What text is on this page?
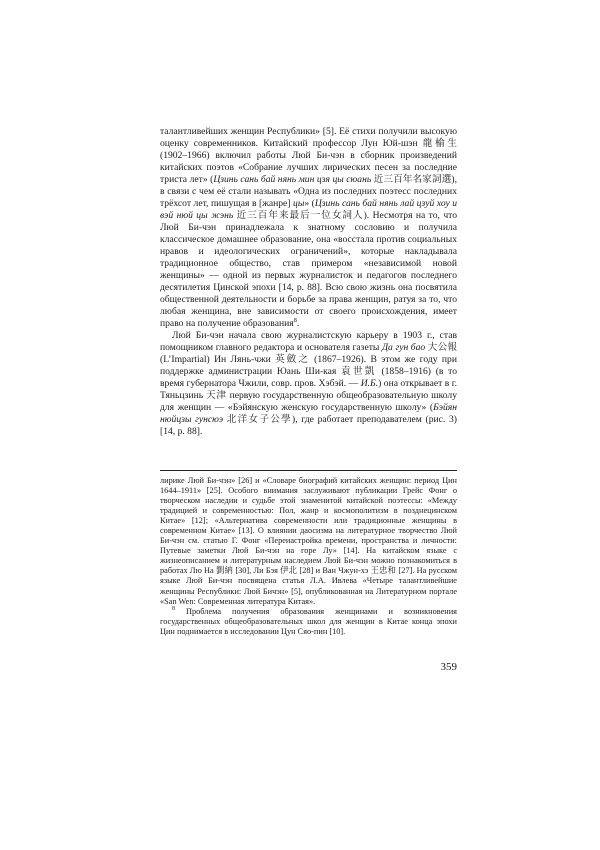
талантливейших женщин Республики» [5]. Её стихи получили высокую оценку современников. Китайский профессор Лун Юй-шэн 龍榆生 (1902–1966) включил работы Люй Би-чэн в сборник произведений китайских поэтов «Собрание лучших лирических песен за последние триста лет» (Цзинь сань бай нянь мин цзя цы сюань 近三百年名家詞選), в связи с чем её стали называть «Одна из последних поэтесс последних трёхсот лет, пишущая в [жанре] цы» (Цзинь сань бай нянь лай цзуй хоу и вэй нюй цы жэнь 近三百年来最后一位女詞人). Несмотря на то, что Люй Би-чэн принадлежала к знатному сословию и получила классическое домашнее образование, она «восстала против социальных нравов и идеологических ограничений», которые накладывала традиционное общество, став примером «независимой новой женщины» — одной из первых журналисток и педагогов последнего десятилетия Цинской эпохи [14, p. 88]. Всю свою жизнь она посвятила общественной деятельности и борьбе за права женщин, ратуя за то, что любая женщина, вне зависимости от своего происхождения, имеет право на получение образования$^8$.

Люй Би-чэн начала свою журналистскую карьеру в 1903 г., став помощником главного редактора и основателя газеты Да гун бао 大公報 (L’Impartial) Ин Лянь-чжи 英斂之 (1867–1926). В этом же году при поддержке администрации Юань Ши-кая 袁世凱 (1858–1916) (в то время губернатора Чжили, совр. пров. Хэбэй. — И.Б.) она открывает в г. Тяньцзинь 天津 первую государственную общеобразовательную школу для женщин — «Бэйянскую женскую государственную школу» (Бэйян нюйцзы гунсюэ 北洋女子公學), где работает преподавателем (рис. 3) [14, p. 88].

лирике Люй Би-чэн» [26] и «Словаре биографий китайских женщин: период Цин 1644–1911» [25]. Особого внимания заслуживают публикации Грейс Фонг о творческом наследии и судьбе этой знаменитой китайской поэтессы: «Между традицией и современностью: Пол, жанр и космополитизм в позднецинском Китае» [12]; «Альтернатива современности или традиционные женщины в современном Китае» [13]. О влиянии даосизма на литературное творчество Люй Би-чэн см. статью Г. Фонг «Переиастройка времени, пространства и личности: Путевые заметки Люй Би-чэн на горе Лу» [14]. На китайском языке с жизнеописанием и литературным наследием Люй Би-чэн можно познакомиться в работах Лю На 劉納 [30], Ли Бэя 伊北 [28] и Ван Чжун-хэ 王忠和 [27]. На русском языке Люй Би-чэн посвящена статья Л.А. Ивлева «Четыре талантливейшие женщины Республики: Люй Бичэн» [5], опубликованная на Литературном портале «San Wen: Современная литература Китая».

$^8$ Проблема получения образования женщинами и возникновения государственных общеобразовательных школ для женщин в Китае конца эпохи Цин поднимается в исследовании Цун Сяо-пин [10].

359
